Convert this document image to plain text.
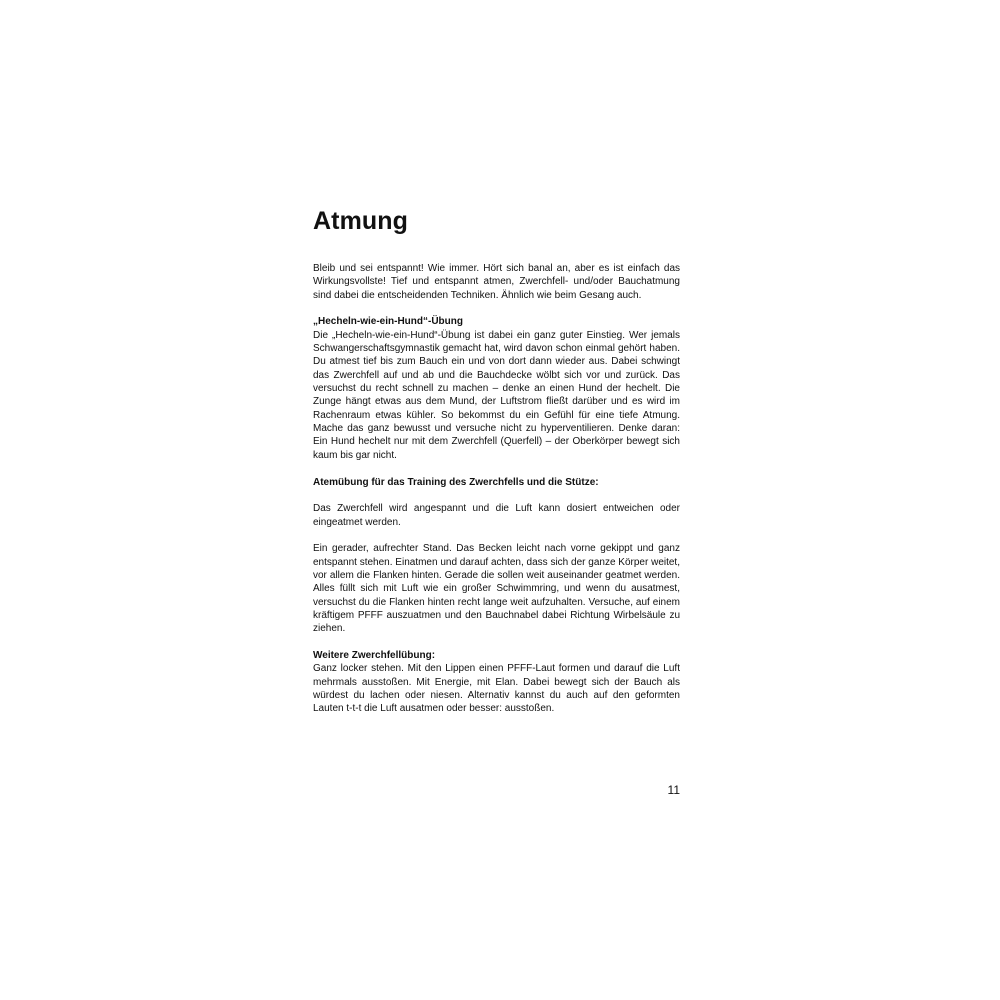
Atmung

Bleib und sei entspannt! Wie immer. Hört sich banal an, aber es ist einfach das Wirkungsvollste! Tief und entspannt atmen, Zwerchfell- und/oder Bauchatmung sind dabei die entscheidenden Techniken. Ähnlich wie beim Gesang auch.

„Hecheln-wie-ein-Hund“-Übung

Die „Hecheln-wie-ein-Hund“-Übung ist dabei ein ganz guter Einstieg. Wer jemals Schwangerschaftsgymnastik gemacht hat, wird davon schon einmal gehört haben. Du atmest tief bis zum Bauch ein und von dort dann wieder aus. Dabei schwingt das Zwerchfell auf und ab und die Bauchdecke wölbt sich vor und zurück. Das versuchst du recht schnell zu machen – denke an einen Hund der hechelt. Die Zunge hängt etwas aus dem Mund, der Luftstrom fließt darüber und es wird im Rachenraum etwas kühler. So bekommst du ein Gefühl für eine tiefe Atmung. Mache das ganz bewusst und versuche nicht zu hyperventilieren. Denke daran: Ein Hund hechelt nur mit dem Zwerchfell (Querfell) – der Oberkörper bewegt sich kaum bis gar nicht.

Atemübung für das Training des Zwerchfells und die Stütze:

Das Zwerchfell wird angespannt und die Luft kann dosiert entweichen oder eingeatmet werden.

Ein gerader, aufrechter Stand. Das Becken leicht nach vorne gekippt und ganz entspannt stehen. Einatmen und darauf achten, dass sich der ganze Körper weitet, vor allem die Flanken hinten. Gerade die sollen weit auseinander geatmet werden. Alles füllt sich mit Luft wie ein großer Schwimmring, und wenn du ausatmest, versuchst du die Flanken hinten recht lange weit aufzuhalten. Versuche, auf einem kräftigem PFFF auszuatmen und den Bauchnabel dabei Richtung Wirbelsäule zu ziehen.

Weitere Zwerchfellübung:

Ganz locker stehen. Mit den Lippen einen PFFF-Laut formen und darauf die Luft mehrmals ausstoßen. Mit Energie, mit Elan. Dabei bewegt sich der Bauch als würdest du lachen oder niesen. Alternativ kannst du auch auf den geformten Lauten t-t-t die Luft ausatmen oder besser: ausstoßen.

11
